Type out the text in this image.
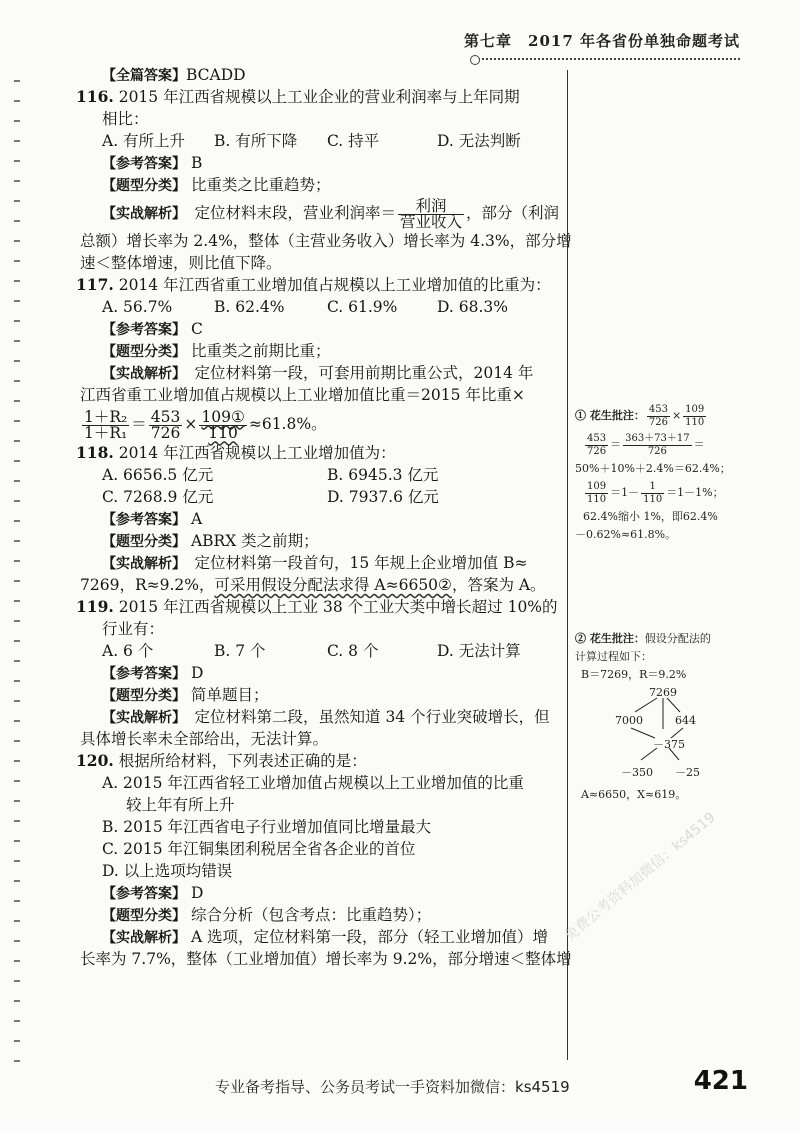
第七章　2017 年各省份单独命题考试
【全篇答案】BCADD
116. 2015 年江西省规模以上工业企业的营业利润率与上年同期
相比：
A. 有所上升	B. 有所下降	C. 持平	D. 无法判断
【参考答案】 B
【题型分类】 比重类之比重趋势；
【实战解析】　 定位材料末段，营业利润率＝ $\frac{\text{利润}}{\text{营业收入}}$ ，部分（利润
总额）增长率为 2.4%，整体（主营业务收入）增长率为 4.3%，部分增
速＜整体增速，则比值下降。
117. 2014 年江西省重工业增加值占规模以上工业增加值的比重为：
A. 56.7%	B. 62.4%	C. 61.9%	D. 68.3%
【参考答案】 C
【题型分类】 比重类之前期比重；
【实战解析】　 定位材料第一段，可套用前期比重公式，2014 年
江西省重工业增加值占规模以上工业增加值比重＝2015 年比重×
$\frac{\text{1＋R₂}}{\text{1＋R₁}} = \frac{453}{726} \times \frac{\text{109①}}{110} \approx 61.8\%$。
118. 2014 年江西省规模以上工业增加值为：
A. 6656.5 亿元	B. 6945.3 亿元
C. 7268.9 亿元	D. 7937.6 亿元
【参考答案】 A
【题型分类】 ABRX 类之前期；
【实战解析】　 定位材料第一段首句，15 年规上企业增加值 B≈
7269，R≈9.2%，可采用假设分配法求得 A≈6650②，答案为 A。
119. 2015 年江西省规模以上工业 38 个工业大类中增长超过 10%的
行业有：
A. 6 个	B. 7 个	C. 8 个	D. 无法计算
【参考答案】 D
【题型分类】 简单题目；
【实战解析】　 定位材料第二段，虽然知道 34 个行业突破增长，但
具体增长率未全部给出，无法计算。
120. 根据所给材料，下列表述正确的是：
A. 2015 年江西省轻工业增加值占规模以上工业增加值的比重
较上年有所上升
B. 2015 年江西省电子行业增加值同比增量最大
C. 2015 年江铜集团利税居全省各企业的首位
D. 以上选项均错误
【参考答案】 D
【题型分类】 综合分析（包含考点：比重趋势）；
【实战解析】 A 选项，定位材料第一段，部分（轻工业增加值）增
长率为 7.7%，整体（工业增加值）增长率为 9.2%，部分增速＜整体增
① 花生批注： $\frac{453}{726} \times \frac{109}{110}$
$\frac{453}{726} = \frac{363+73+17}{726}$ ＝
50%＋10%＋2.4%＝62.4%；
$\frac{109}{110} =1- \frac{1}{110} =1-1\%$；
62.4%缩小 1%，即62.4%
－0.62%≈61.8%。
② 花生批注：假设分配法的
计算过程如下：
B＝7269，R＝9.2%
7269
7000	644
－375
－350 －25
A≈6650，X≈619。
免费公考资料加微信：ks4519
专业备考指导、公务员考试一手资料加微信：ks4519	421
